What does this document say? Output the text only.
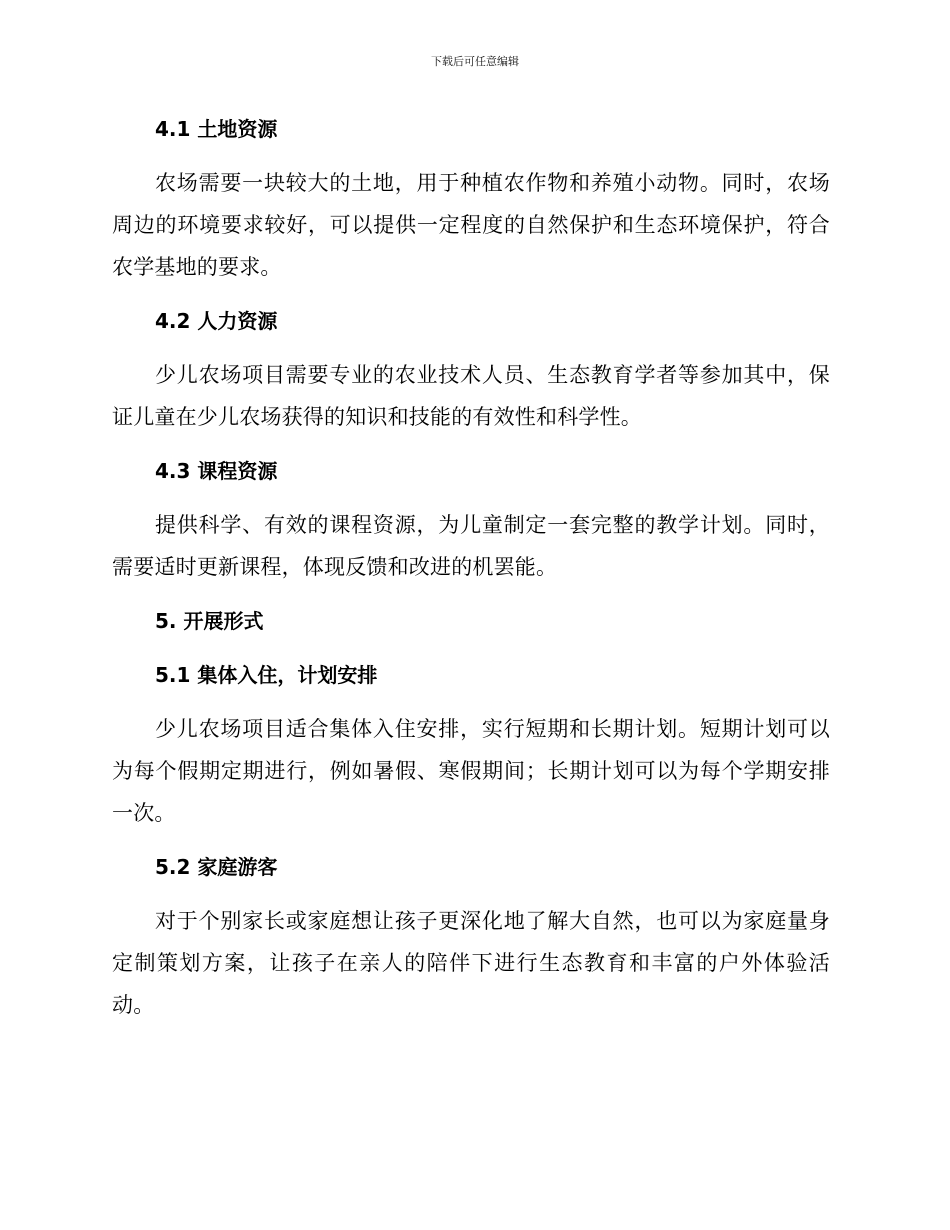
下载后可任意编辑
4.1 土地资源

农场需要一块较大的土地，用于种植农作物和养殖小动物。同时，农场周边的环境要求较好，可以提供一定程度的自然保护和生态环境保护，符合农学基地的要求。

4.2 人力资源

少儿农场项目需要专业的农业技术人员、生态教育学者等参加其中，保证儿童在少儿农场获得的知识和技能的有效性和科学性。

4.3 课程资源

提供科学、有效的课程资源，为儿童制定一套完整的教学计划。同时，需要适时更新课程，体现反馈和改进的机罢能。

5. 开展形式
5.1 集体入住，计划安排

少儿农场项目适合集体入住安排，实行短期和长期计划。短期计划可以为每个假期定期进行，例如暑假、寒假期间；长期计划可以为每个学期安排一次。

5.2 家庭游客

对于个别家长或家庭想让孩子更深化地了解大自然，也可以为家庭量身定制策划方案，让孩子在亲人的陪伴下进行生态教育和丰富的户外体验活动。
